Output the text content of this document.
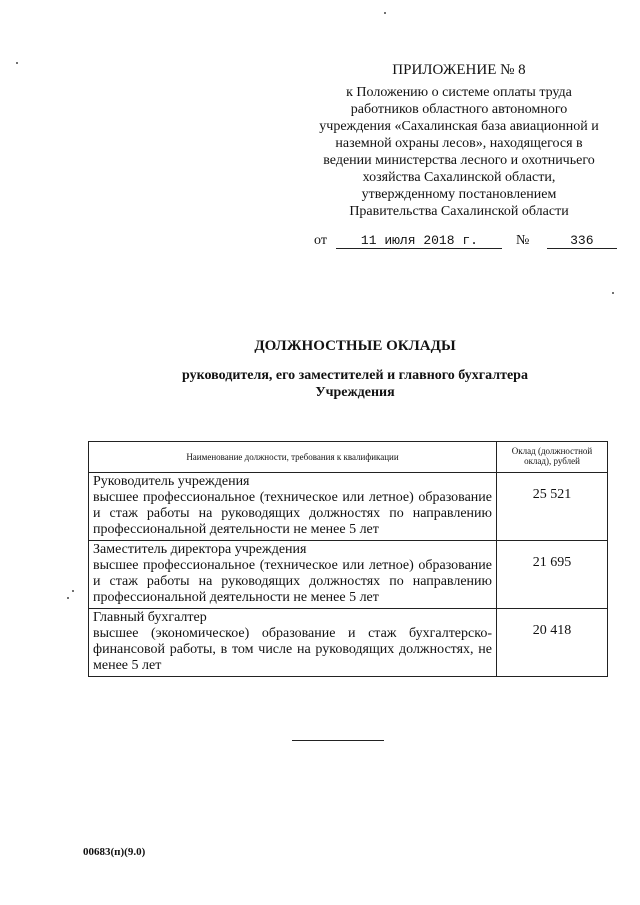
ПРИЛОЖЕНИЕ № 8
к Положению о системе оплаты труда
работников областного автономного
учреждения «Сахалинская база авиационной и
наземной охраны лесов», находящегося в
ведении министерства лесного и охотничьего
хозяйства Сахалинской области,
утвержденному постановлением
Правительства Сахалинской области
от	11 июля 2018 г.	№	336
ДОЛЖНОСТНЫЕ ОКЛАДЫ
руководителя, его заместителей и главного бухгалтера
Учреждения
Наименование должности, требования к квалификации	Оклад (должностной оклад), рублей

Руководитель учреждения
высшее профессиональное (техническое или летное) образование и стаж работы на руководящих должностях по направлению профессиональной деятельности не менее 5 лет	25 521

Заместитель директора учреждения
высшее профессиональное (техническое или летное) образование и стаж работы на руководящих должностях по направлению профессиональной деятельности не менее 5 лет	21 695

Главный бухгалтер
высшее (экономическое) образование и стаж бухгалтерско-финансовой работы, в том числе на руководящих должностях, не менее 5 лет	20 418
00683(п)(9.0)
